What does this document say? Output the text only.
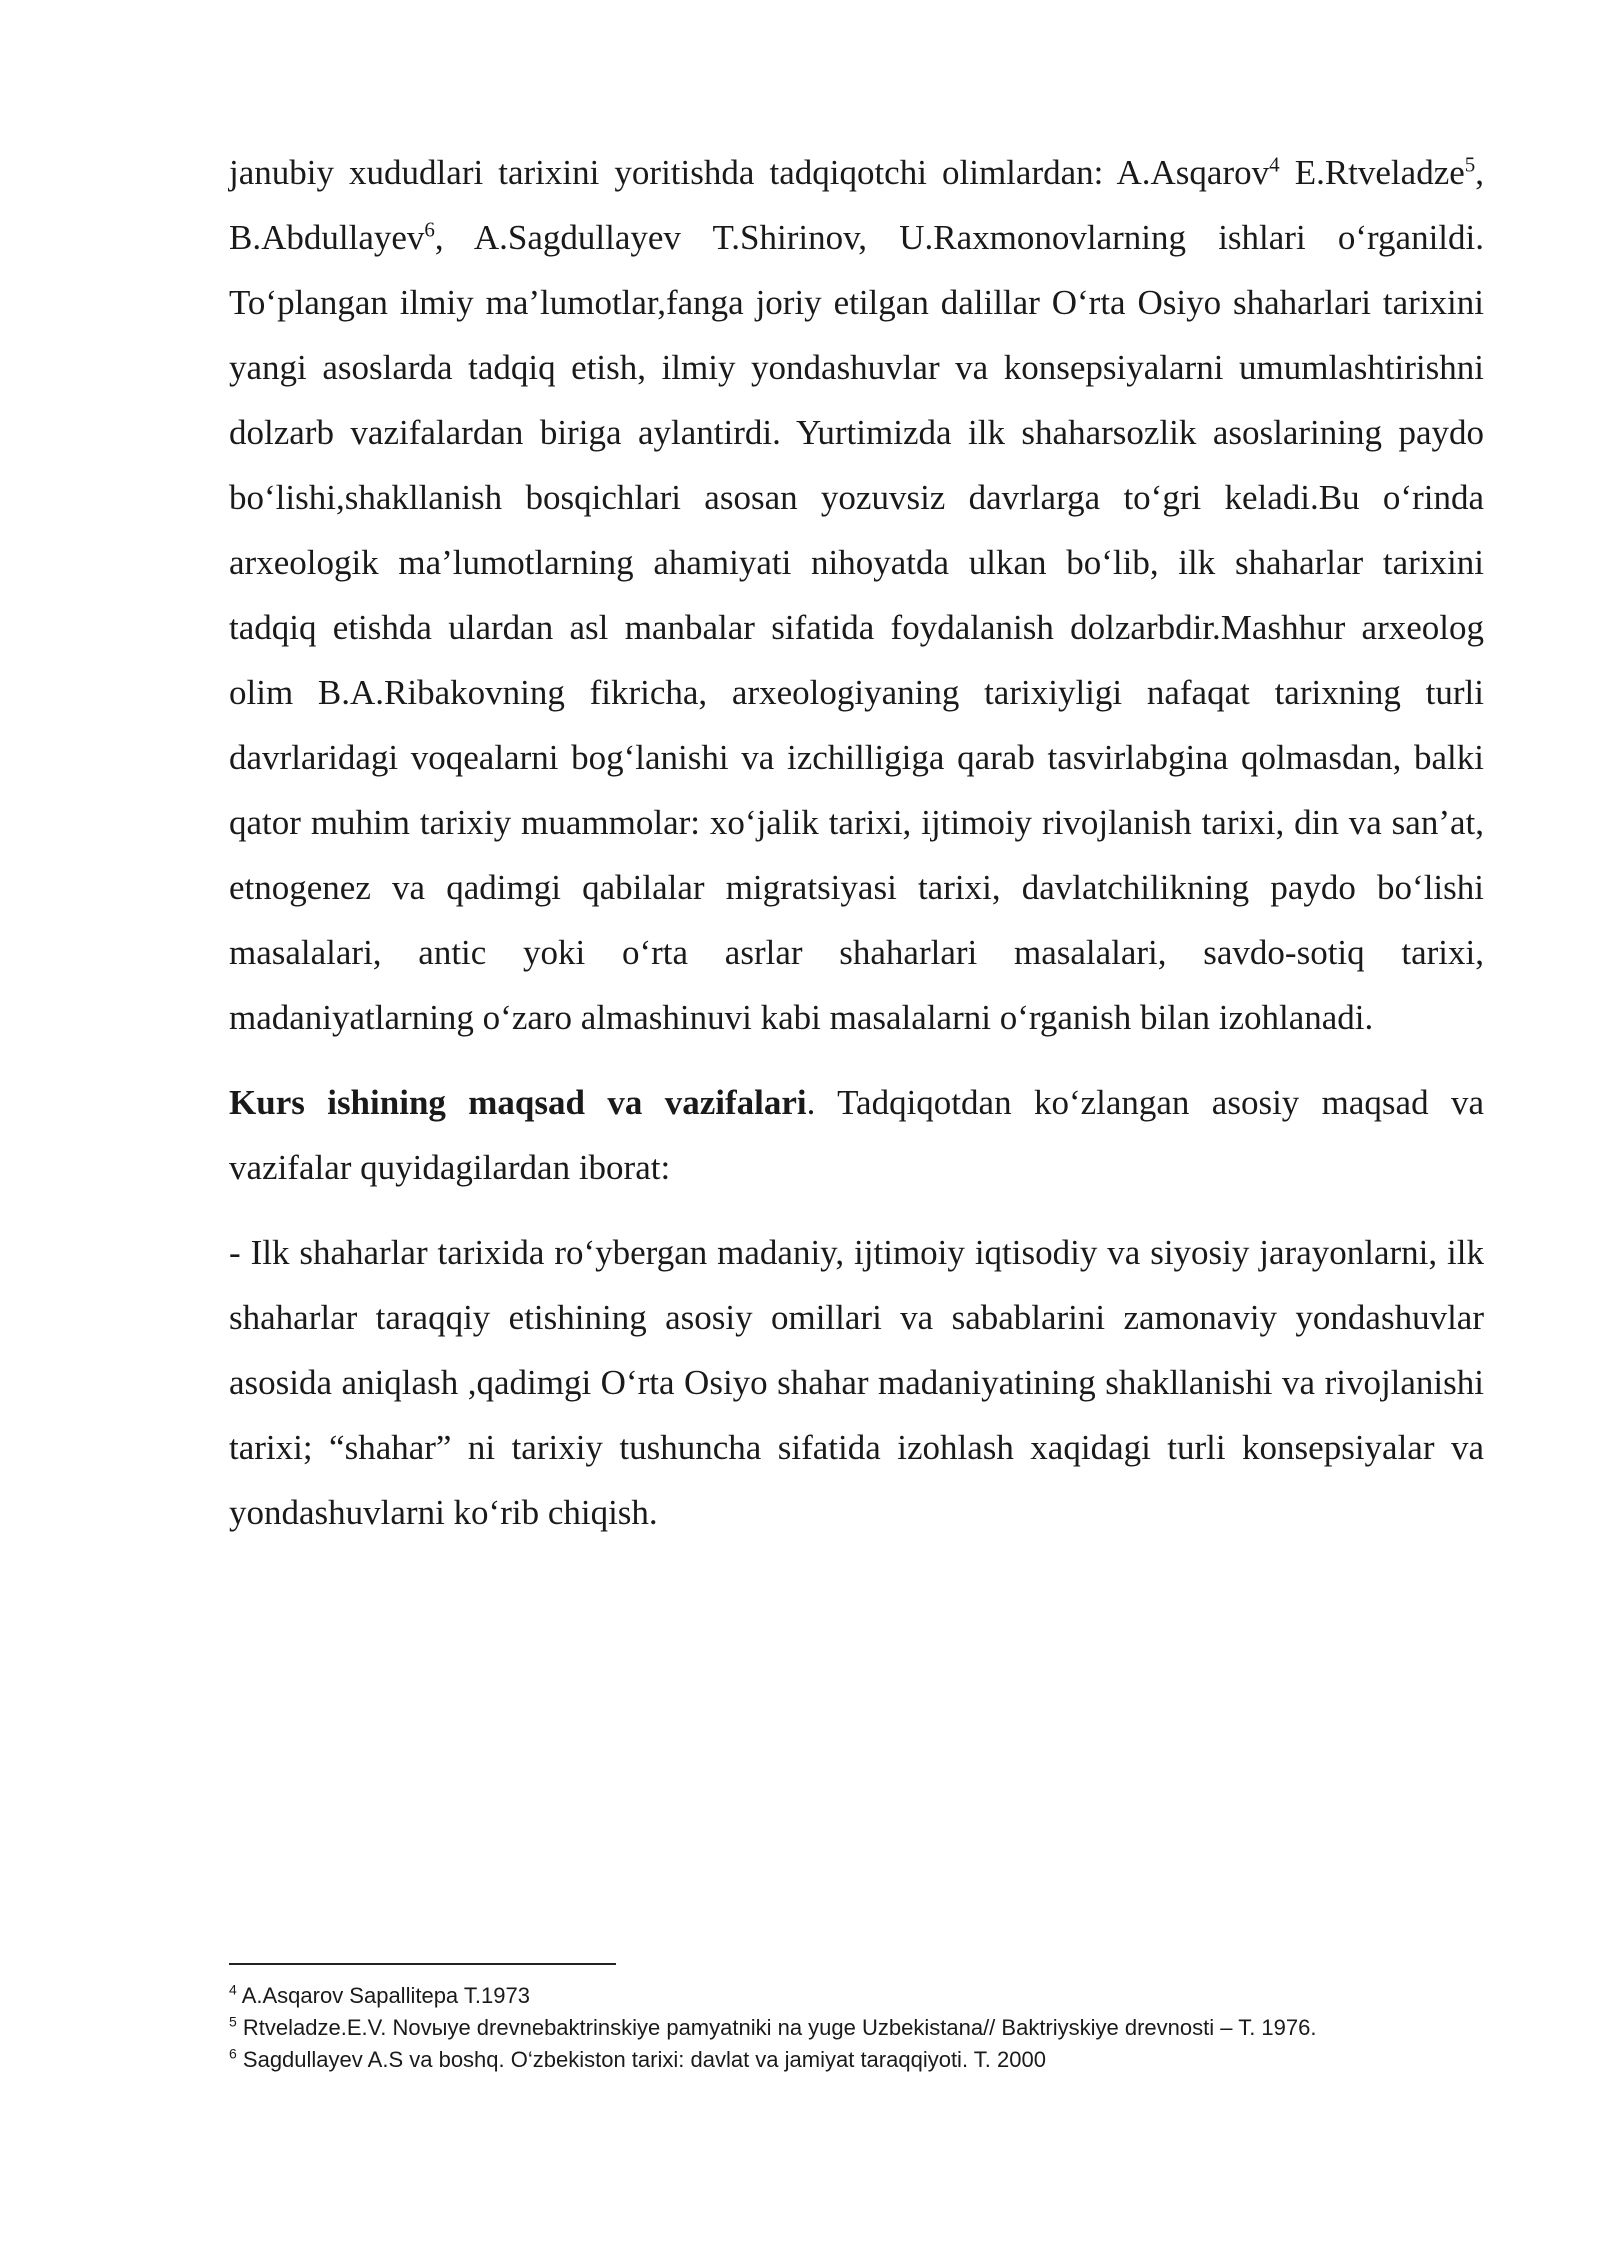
janubiy xududlari tarixini yoritishda tadqiqotchi olimlardan: A.Asqarov$^4$ E.Rtveladze$^5$, B.Abdullayev$^6$, A.Sagdullayev T.Shirinov, U.Raxmonovlarning ishlari o‘rganildi. To‘plangan ilmiy ma’lumotlar,fanga joriy etilgan dalillar O‘rta Osiyo shaharlari tarixini yangi asoslarda tadqiq etish, ilmiy yondashuvlar va konsepsiyalarni umumlashtirishni dolzarb vazifalardan biriga aylantirdi. Yurtimizda ilk shaharsozlik asoslarining paydo bo‘lishi,shakllanish bosqichlari asosan yozuvsiz davrlarga to‘gri keladi.Bu o‘rinda arxeologik ma’lumotlarning ahamiyati nihoyatda ulkan bo‘lib, ilk shaharlar tarixini tadqiq etishda ulardan asl manbalar sifatida foydalanish dolzarbdir.Mashhur arxeolog olim B.A.Ribakovning fikricha, arxeologiyaning tarixiyligi nafaqat tarixning turli davrlaridagi voqealarni bog‘lanishi va izchilligiga qarab tasvirlabgina qolmasdan, balki qator muhim tarixiy muammolar: xo‘jalik tarixi, ijtimoiy rivojlanish tarixi, din va san’at, etnogenez va qadimgi qabilalar migratsiyasi tarixi, davlatchilikning paydo bo‘lishi masalalari, antic yoki o‘rta asrlar shaharlari masalalari, savdo-sotiq tarixi, madaniyatlarning o‘zaro almashinuvi kabi masalalarni o‘rganish bilan izohlanadi.

Kurs ishining maqsad va vazifalari. Tadqiqotdan ko‘zlangan asosiy maqsad va vazifalar quyidagilardan iborat:

- Ilk shaharlar tarixida ro‘ybergan madaniy, ijtimoiy iqtisodiy va siyosiy jarayonlarni, ilk shaharlar taraqqiy etishining asosiy omillari va sabablarini zamonaviy yondashuvlar asosida aniqlash ,qadimgi O‘rta Osiyo shahar madaniyatining shakllanishi va rivojlanishi tarixi; “shahar” ni tarixiy tushuncha sifatida izohlash xaqidagi turli konsepsiyalar va yondashuvlarni ko‘rib chiqish.

$^4$ A.Asqarov Sapallitepa T.1973

$^5$ Rtveladze.E.V. Novыye drevnebaktrinskiye pamyatniki na yuge Uzbekistana// Baktriyskiye drevnosti – T. 1976.

$^6$ Sagdullayev A.S va boshq. O‘zbekiston tarixi: davlat va jamiyat taraqqiyoti. T. 2000
